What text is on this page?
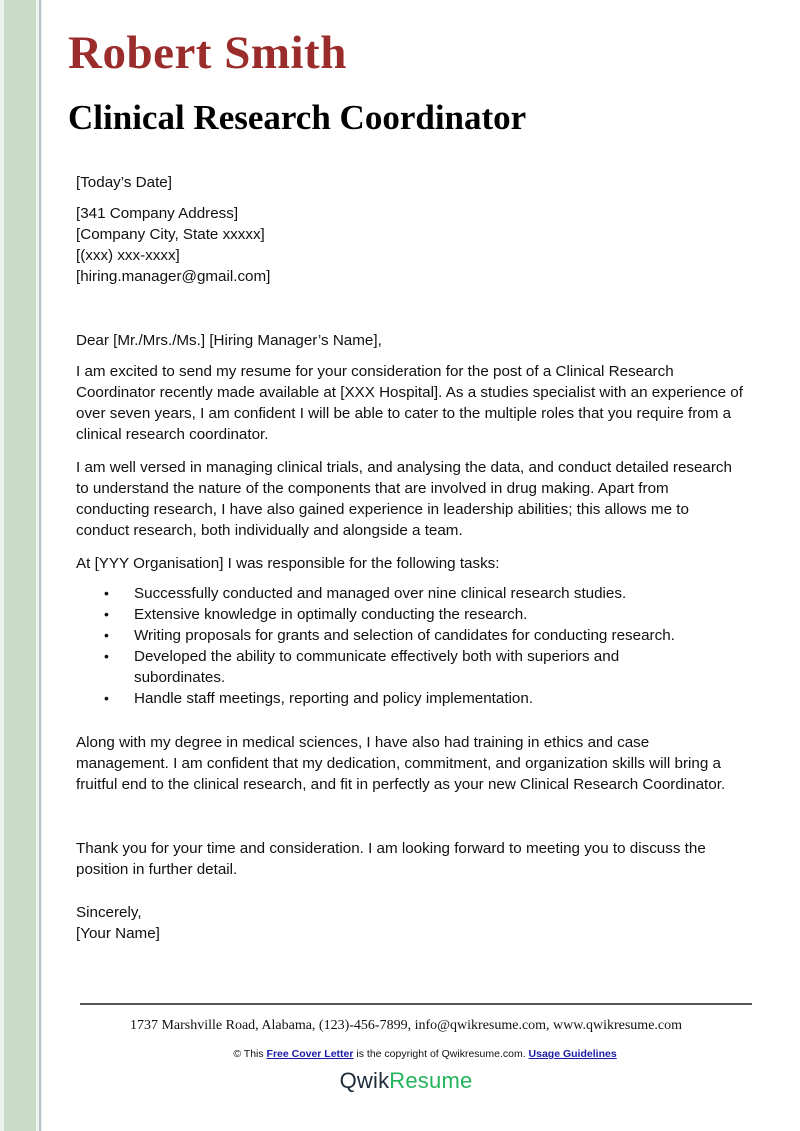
Robert Smith
Clinical Research Coordinator

[Today’s Date]

[341 Company Address]

[Company City, State xxxxx]

[(xxx) xxx-xxxx]

[hiring.manager@gmail.com]

Dear [Mr./Mrs./Ms.] [Hiring Manager’s Name],

I am excited to send my resume for your consideration for the post of a Clinical Research Coordinator recently made available at [XXX Hospital]. As a studies specialist with an experience of over seven years, I am confident I will be able to cater to the multiple roles that you require from a clinical research coordinator.

I am well versed in managing clinical trials, and analysing the data, and conduct detailed research to understand the nature of the components that are involved in drug making. Apart from conducting research, I have also gained experience in leadership abilities; this allows me to conduct research, both individually and alongside a team.

At [YYY Organisation] I was responsible for the following tasks:

• Successfully conducted and managed over nine clinical research studies.
• Extensive knowledge in optimally conducting the research.
• Writing proposals for grants and selection of candidates for conducting research.
• Developed the ability to communicate effectively both with superiors and subordinates.
• Handle staff meetings, reporting and policy implementation.

Along with my degree in medical sciences, I have also had training in ethics and case management. I am confident that my dedication, commitment, and organization skills will bring a fruitful end to the clinical research, and fit in perfectly as your new Clinical Research Coordinator.

Thank you for your time and consideration. I am looking forward to meeting you to discuss the position in further detail.

Sincerely,

[Your Name]

1737 Marshville Road, Alabama, (123)-456-7899, info@qwikresume.com, www.qwikresume.com
© This Free Cover Letter is the copyright of Qwikresume.com. Usage Guidelines
QwikResume
